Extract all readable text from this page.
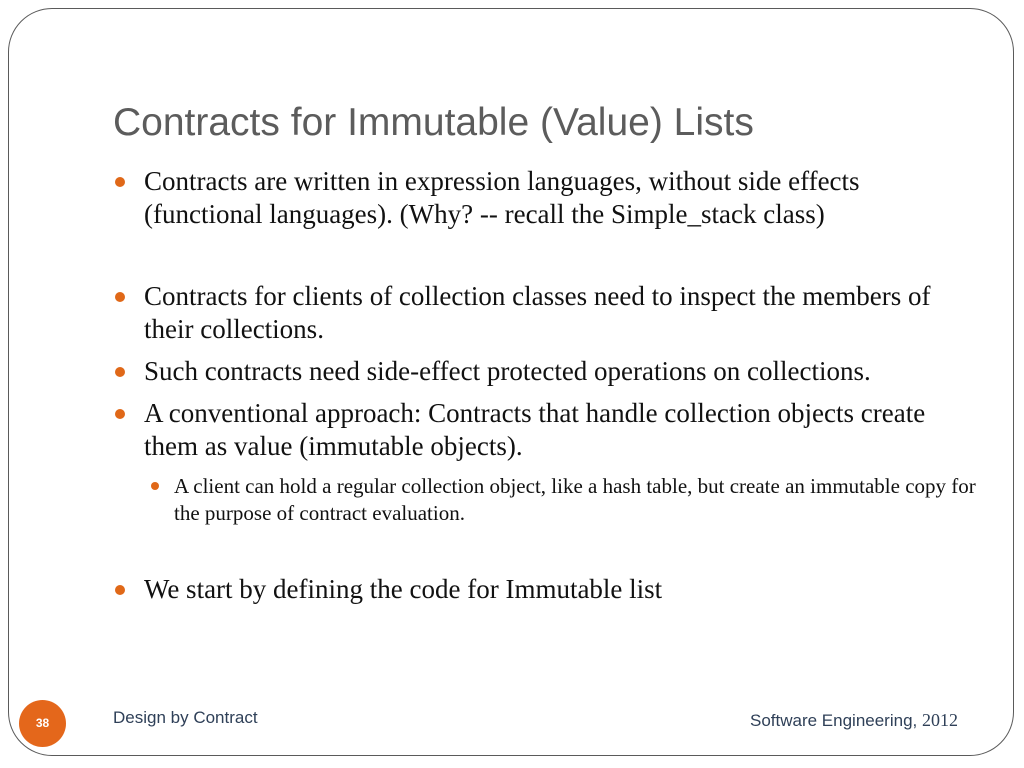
Contracts for Immutable (Value) Lists
Contracts are written in expression languages, without side effects (functional languages). (Why? -- recall the Simple_stack class)
Contracts for clients of collection classes need to inspect the members of their collections.
Such contracts need side-effect protected operations on collections.
A conventional approach: Contracts that handle collection objects create them as value (immutable objects).
A client can hold a regular collection object, like a hash table, but create an immutable copy for the purpose of contract evaluation.
We start by defining the code for Immutable list
38	Design by Contract	Software Engineering, 2012
